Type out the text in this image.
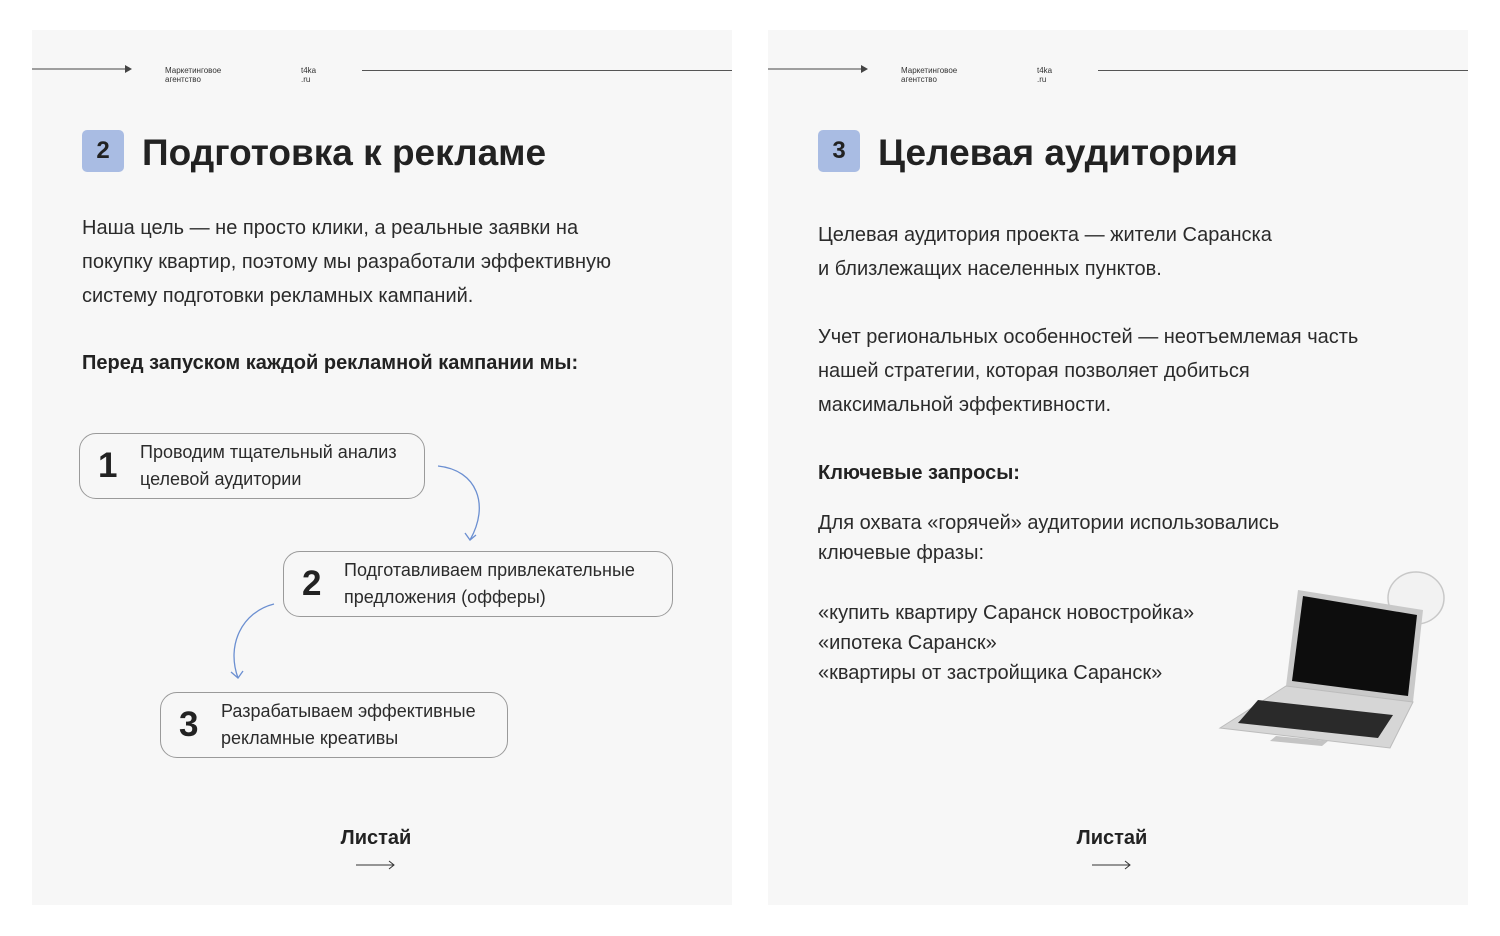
Маркетинговое
агентство
t4ka
.ru
2 Подготовка к рекламе

Наша цель — не просто клики, а реальные заявки на
покупку квартир, поэтому мы разработали эффективную
систему подготовки рекламных кампаний.

Перед запуском каждой рекламной кампании мы:

1 Проводим тщательный анализ
целевой аудитории
2 Подготавливаем привлекательные
предложения (офферы)
3 Разрабатываем эффективные
рекламные креативы
Листай
Маркетинговое
агентство
t4ka
.ru
3 Целевая аудитория

Целевая аудитория проекта — жители Саранска
и близлежащих населенных пунктов.

Учет региональных особенностей — неотъемлемая часть
нашей стратегии, которая позволяет добиться
максимальной эффективности.

Ключевые запросы:

Для охвата «горячей» аудитории использовались
ключевые фразы:

«купить квартиру Саранск новостройка»
«ипотека Саранск»
«квартиры от застройщика Саранск»

Листай
